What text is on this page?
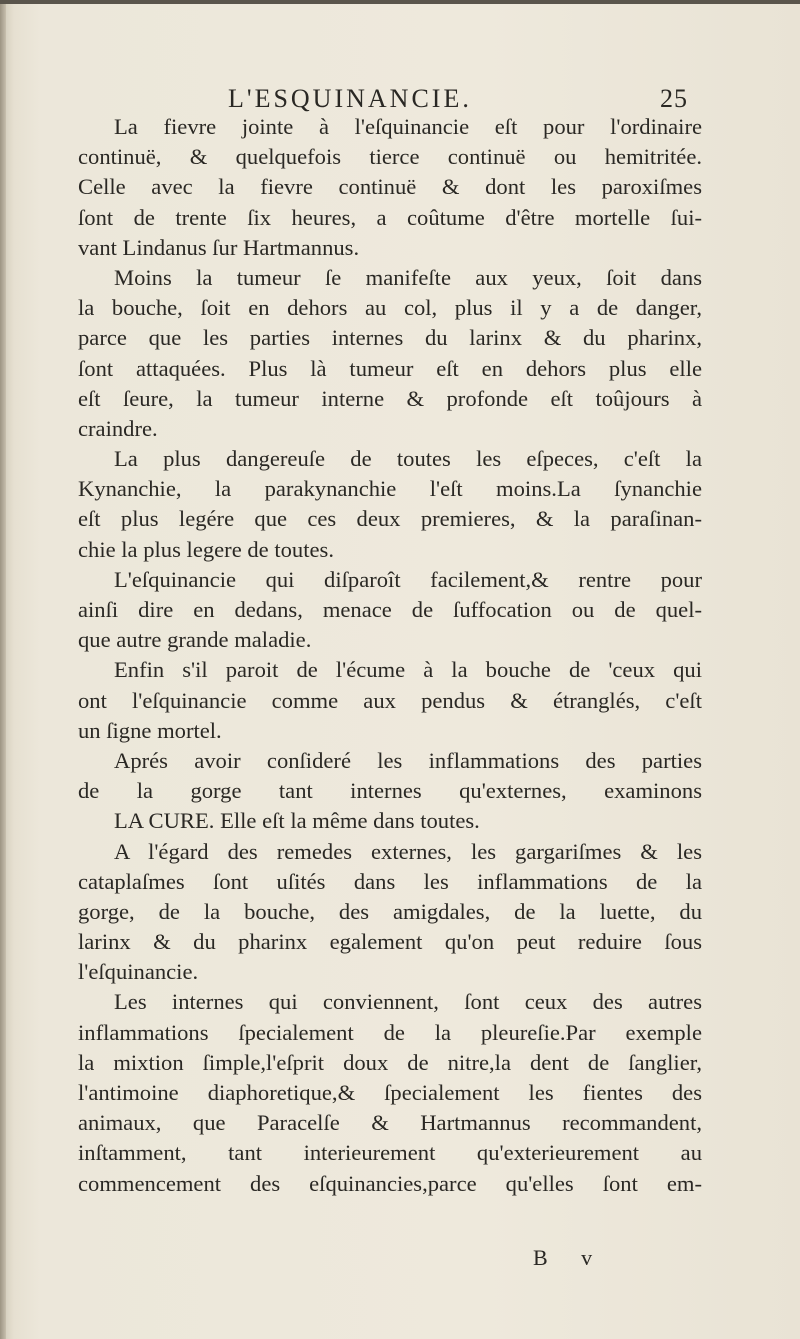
L'ESQUINANCIE.	25
La fievre jointe à l'eſquinancie eſt pour l'ordinaire
continuë, & quelquefois tierce continuë ou hemitritée.
Celle avec la fievre continuë & dont les paroxiſmes
ſont de trente ſix heures, a coûtume d'être mortelle ſui-
vant Lindanus ſur Hartmannus.
Moins la tumeur ſe manifeſte aux yeux, ſoit dans
la bouche, ſoit en dehors au col, plus il y a de danger,
parce que les parties internes du larinx & du pharinx,
ſont attaquées. Plus là tumeur eſt en dehors plus elle
eſt ſeure, la tumeur interne & profonde eſt toûjours à
craindre.
La plus dangereuſe de toutes les eſpeces, c'eſt la
Kynanchie, la parakynanchie l'eſt moins.La ſynanchie
eſt plus legére que ces deux premieres, & la paraſinan-
chie la plus legere de toutes.
L'eſquinancie qui diſparoît facilement,& rentre pour
ainſi dire en dedans, menace de ſuffocation ou de quel-
que autre grande maladie.
Enfin s'il paroit de l'écume à la bouche de 'ceux qui
ont l'eſquinancie comme aux pendus & étranglés, c'eſt
un ſigne mortel.
Aprés avoir conſideré les inflammations des parties
de la gorge tant internes qu'externes, examinons
LA CURE. Elle eſt la même dans toutes.
A l'égard des remedes externes, les gargariſmes & les
cataplaſmes ſont uſités dans les inflammations de la
gorge, de la bouche, des amigdales, de la luette, du
larinx & du pharinx egalement qu'on peut reduire ſous
l'eſquinancie.
Les internes qui conviennent, ſont ceux des autres
inflammations ſpecialement de la pleureſie.Par exemple
la mixtion ſimple,l'eſprit doux de nitre,la dent de ſanglier,
l'antimoine diaphoretique,& ſpecialement les fientes des
animaux, que Paracelſe & Hartmannus recommandent,
inſtamment, tant interieurement qu'exterieurement au
commencement des eſquinancies,parce qu'elles ſont em-
B v
